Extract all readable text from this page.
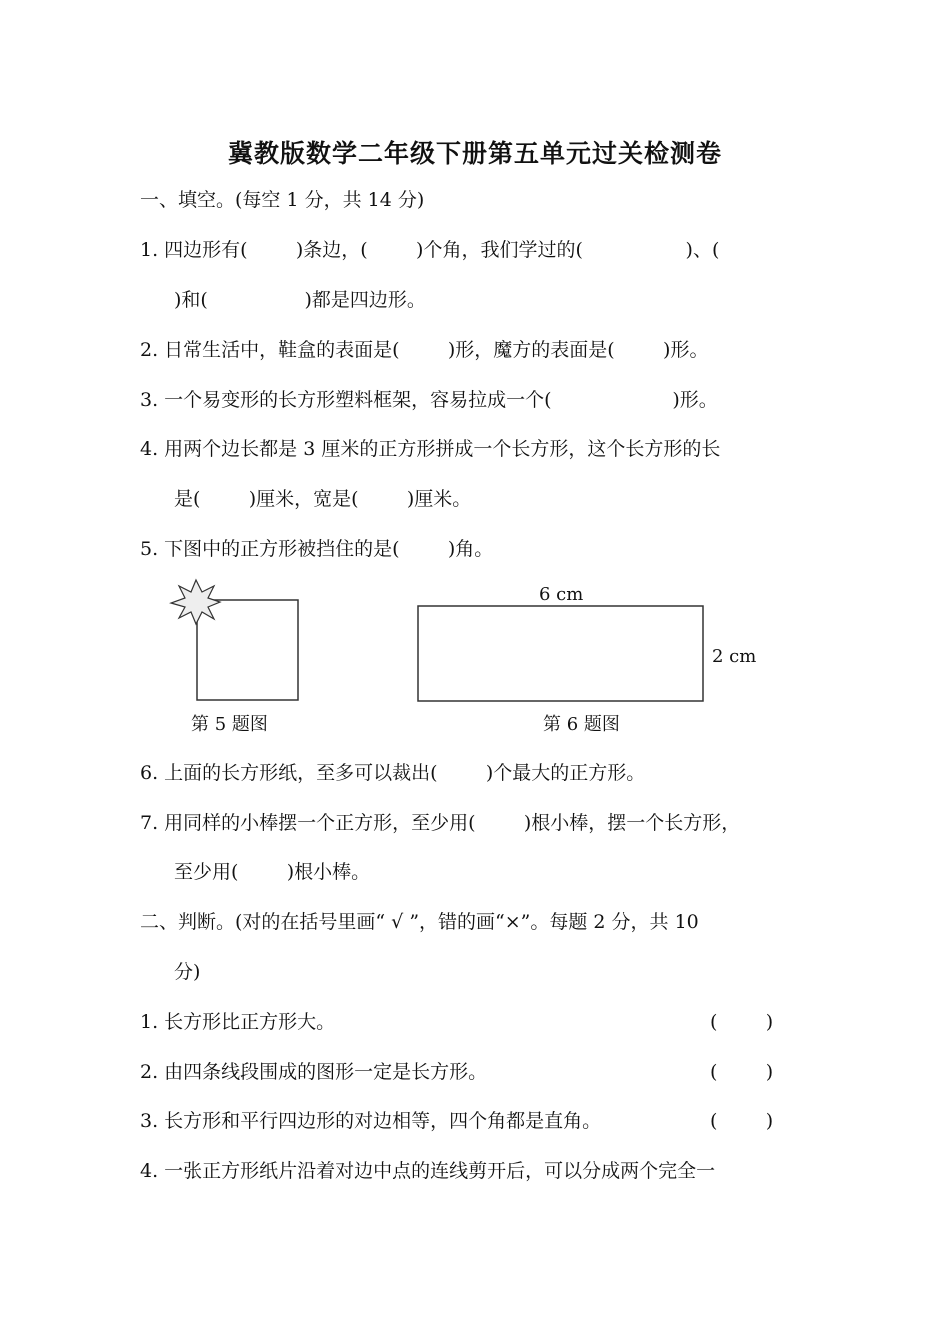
冀教版数学二年级下册第五单元过关检测卷
一、填空。(每空 1 分，共 14 分)
1. 四边形有(        )条边，(        )个角，我们学过的(                 )、(
)和(                )都是四边形。
2. 日常生活中，鞋盒的表面是(        )形，魔方的表面是(        )形。
3. 一个易变形的长方形塑料框架，容易拉成一个(                    )形。
4. 用两个边长都是 3 厘米的正方形拼成一个长方形，这个长方形的长
是(        )厘米，宽是(        )厘米。
5. 下图中的正方形被挡住的是(        )角。
6 cm
2 cm
第 5 题图	第 6 题图
6. 上面的长方形纸，至多可以裁出(        )个最大的正方形。
7. 用同样的小棒摆一个正方形，至少用(        )根小棒，摆一个长方形，
至少用(        )根小棒。
二、判断。(对的在括号里画“ √ ”，错的画“×”。每题 2 分，共 10
分)
1. 长方形比正方形大。	(        )
2. 由四条线段围成的图形一定是长方形。	(        )
3. 长方形和平行四边形的对边相等，四个角都是直角。	(        )
4. 一张正方形纸片沿着对边中点的连线剪开后，可以分成两个完全一
